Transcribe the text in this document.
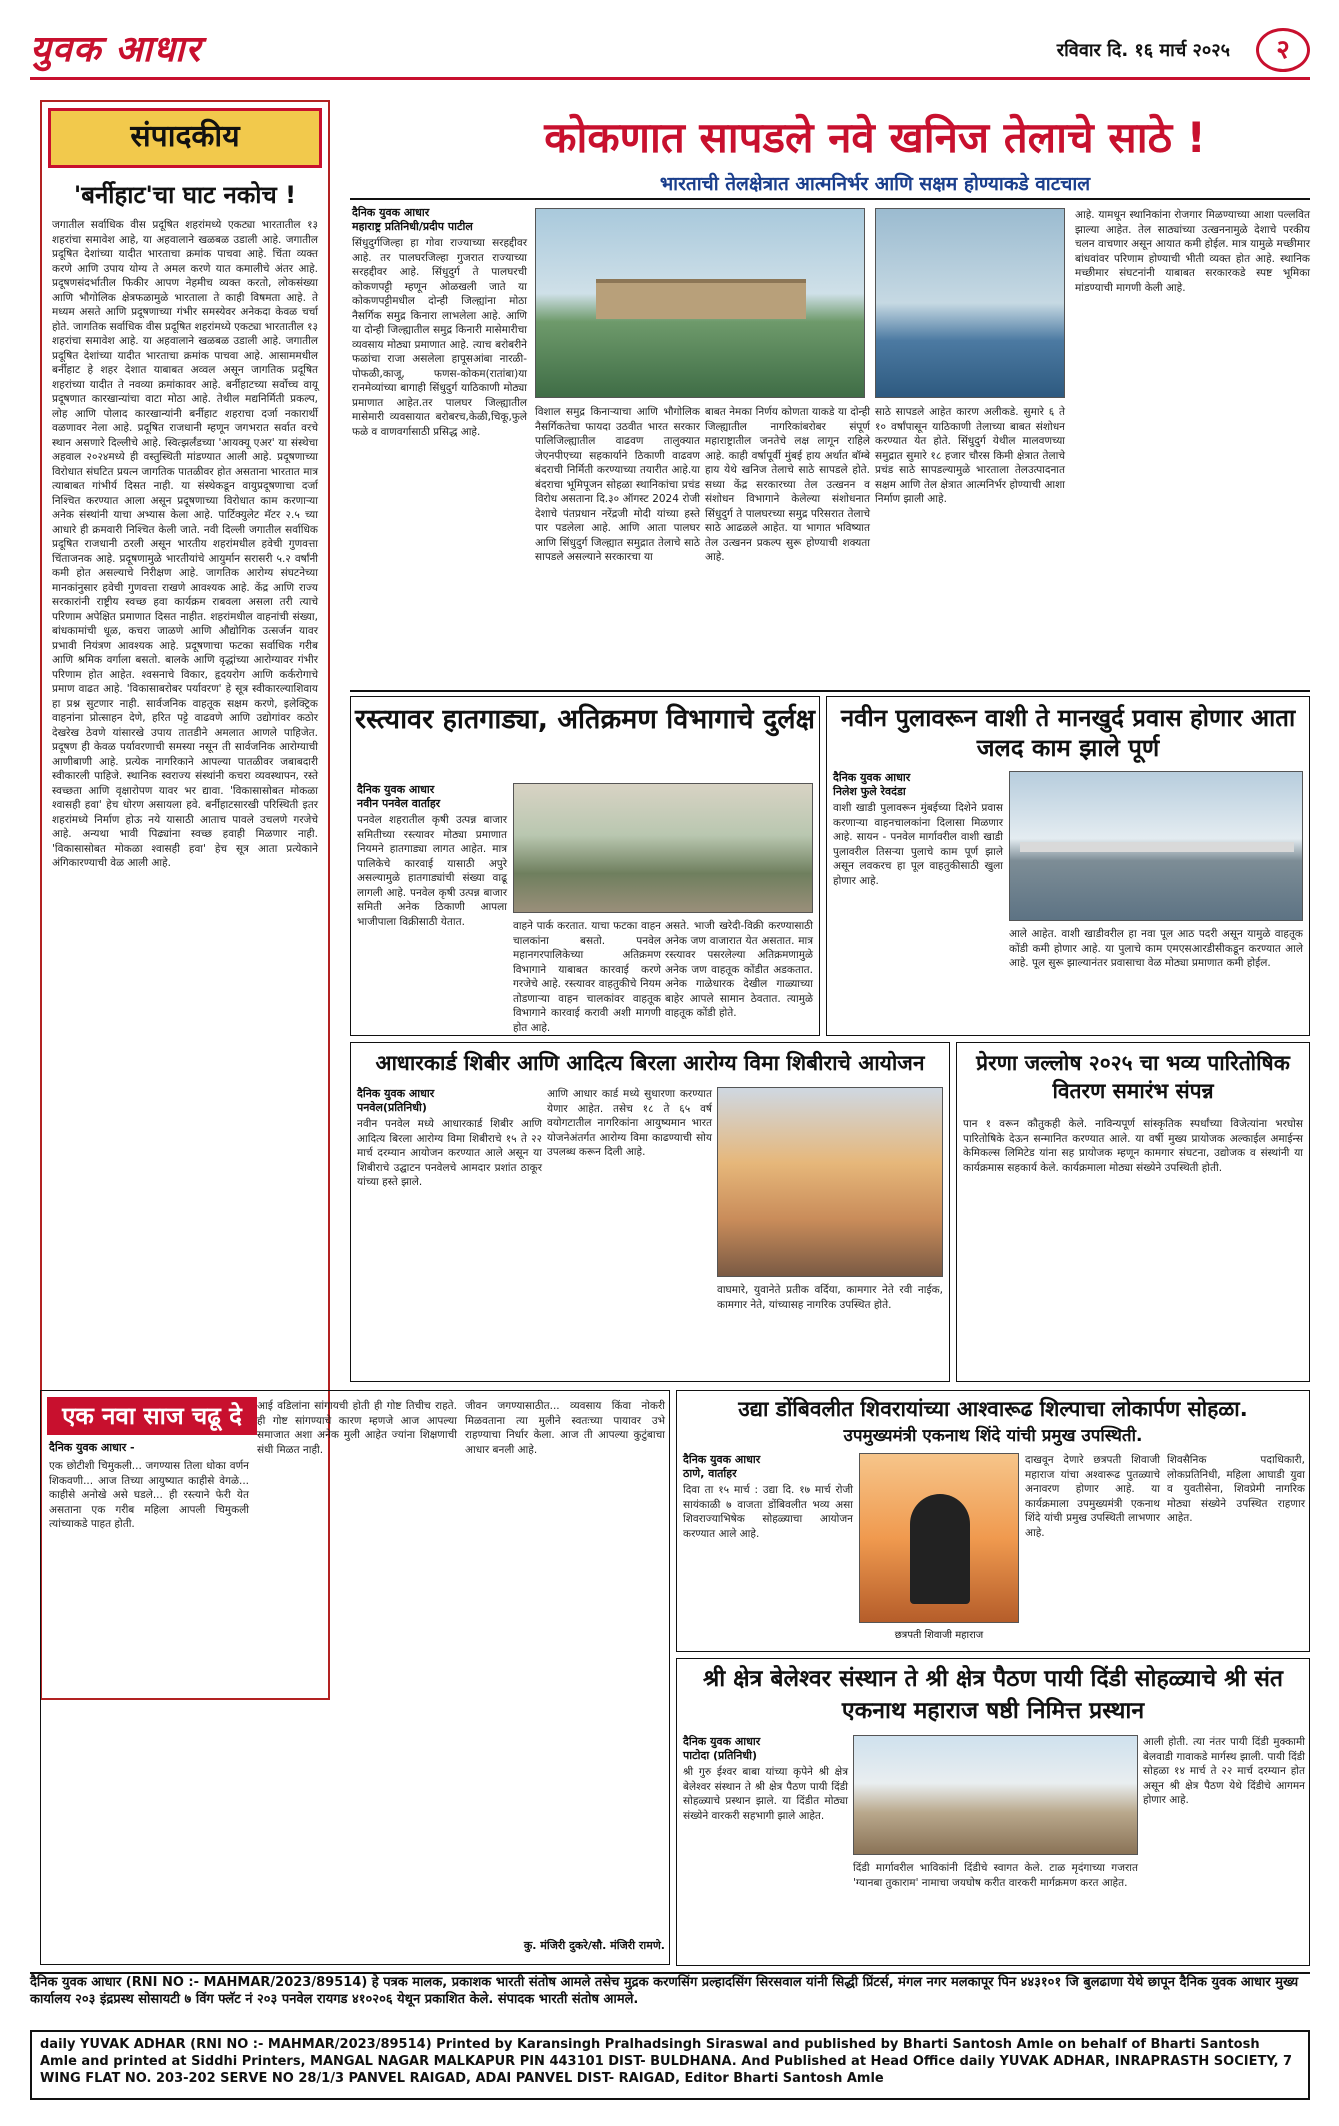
युवक आधार	रविवार दि. १६ मार्च २०२५	२
संपादकीय
'बर्नीहाट'चा घाट नकोच !
जगातील सर्वाधिक वीस प्रदूषित शहरांमध्ये एकट्या भारतातील १३ शहरांचा समावेश आहे, या अहवालाने खळबळ उडाली आहे. जगातील प्रदूषित देशांच्या यादीत भारताचा क्रमांक पाचवा आहे. चिंता व्यक्त करणे आणि उपाय योग्य ते अमल करणे यात कमालीचे अंतर आहे. प्रदूषणसंदर्भातील फिकीर आपण नेहमीच व्यक्त करतो, लोकसंख्या आणि भौगोलिक क्षेत्रफळामुळे भारताला ते काही विषमता आहे. ते मध्यम असते आणि प्रदूषणाच्या गंभीर समस्येवर अनेकदा केवळ चर्चा होते. जागतिक सर्वाधिक वीस प्रदूषित शहरांमध्ये एकट्या भारतातील १३ शहरांचा समावेश आहे. या अहवालाने खळबळ उडाली आहे. जगातील प्रदूषित देशांच्या यादीत भारताचा क्रमांक पाचवा आहे. आसाममधील बर्नीहाट हे शहर देशात याबाबत अव्वल असून जागतिक प्रदूषित शहरांच्या यादीत ते नवव्या क्रमांकावर आहे. बर्नीहाटच्या सर्वोच्च वायू प्रदूषणात कारखान्यांचा वाटा मोठा आहे. तेथील मद्यनिर्मिती प्रकल्प, लोह आणि पोलाद कारखान्यांनी बर्नीहाट शहराचा दर्जा नकारार्थी वळणावर नेला आहे. प्रदूषित राजधानी म्हणून जगभरात सर्वात वरचे स्थान असणारे दिल्लीचे आहे. स्वित्झर्लंडच्या 'आयक्यू एअर' या संस्थेचा अहवाल २०२४मध्ये ही वस्तुस्थिती मांडण्यात आली आहे. प्रदूषणाच्या विरोधात संघटित प्रयत्न जागतिक पातळीवर होत असताना भारतात मात्र त्याबाबत गांभीर्य दिसत नाही. या संस्थेकडून वायुप्रदूषणाचा दर्जा निश्चित करण्यात आला असून प्रदूषणाच्या विरोधात काम करणाऱ्या अनेक संस्थांनी याचा अभ्यास केला आहे. पार्टिक्युलेट मॅटर २.५ च्या आधारे ही क्रमवारी निश्चित केली जाते. नवी दिल्ली जगातील सर्वाधिक प्रदूषित राजधानी ठरली असून भारतीय शहरांमधील हवेची गुणवत्ता चिंताजनक आहे. प्रदूषणामुळे भारतीयांचे आयुर्मान सरासरी ५.२ वर्षांनी कमी होत असल्याचे निरीक्षण आहे. जागतिक आरोग्य संघटनेच्या मानकांनुसार हवेची गुणवत्ता राखणे आवश्यक आहे. केंद्र आणि राज्य सरकारांनी राष्ट्रीय स्वच्छ हवा कार्यक्रम राबवला असला तरी त्याचे परिणाम अपेक्षित प्रमाणात दिसत नाहीत. शहरांमधील वाहनांची संख्या, बांधकामांची धूळ, कचरा जाळणे आणि औद्योगिक उत्सर्जन यावर प्रभावी नियंत्रण आवश्यक आहे. प्रदूषणाचा फटका सर्वाधिक गरीब आणि श्रमिक वर्गाला बसतो. बालके आणि वृद्धांच्या आरोग्यावर गंभीर परिणाम होत आहेत. श्वसनाचे विकार, हृदयरोग आणि कर्करोगाचे प्रमाण वाढत आहे. 'विकासाबरोबर पर्यावरण' हे सूत्र स्वीकारल्याशिवाय हा प्रश्न सुटणार नाही. सार्वजनिक वाहतूक सक्षम करणे, इलेक्ट्रिक वाहनांना प्रोत्साहन देणे, हरित पट्टे वाढवणे आणि उद्योगांवर कठोर देखरेख ठेवणे यांसारखे उपाय तातडीने अमलात आणले पाहिजेत. प्रदूषण ही केवळ पर्यावरणाची समस्या नसून ती सार्वजनिक आरोग्याची आणीबाणी आहे. प्रत्येक नागरिकाने आपल्या पातळीवर जबाबदारी स्वीकारली पाहिजे. स्थानिक स्वराज्य संस्थांनी कचरा व्यवस्थापन, रस्ते स्वच्छता आणि वृक्षारोपण यावर भर द्यावा. 'विकासासोबत मोकळा श्वासही हवा' हेच धोरण असायला हवे. बर्नीहाटसारखी परिस्थिती इतर शहरांमध्ये निर्माण होऊ नये यासाठी आताच पावले उचलणे गरजेचे आहे. अन्यथा भावी पिढ्यांना स्वच्छ हवाही मिळणार नाही. 'विकासासोबत मोकळा श्वासही हवा' हेच सूत्र आता प्रत्येकाने अंगिकारण्याची वेळ आली आहे.
कोकणात सापडले नवे खनिज तेलाचे साठे !
भारताची तेलक्षेत्रात आत्मनिर्भर आणि सक्षम होण्याकडे वाटचाल
दैनिक युवक आधार
महाराष्ट्र प्रतिनिधी/प्रदीप पाटील
सिंधुदुर्गजिल्हा हा गोवा राज्याच्या सरहद्दीवर आहे. तर पालघरजिल्हा गुजरात राज्याच्या सरहद्दीवर आहे. सिंधुदुर्ग ते पालघरची कोकणपट्टी म्हणून ओळखली जाते या कोकणपट्टीमधील दोन्ही जिल्ह्यांना मोठा नैसर्गिक समुद्र किनारा लाभलेला आहे. आणि या दोन्ही जिल्ह्यातील समुद्र किनारी मासेमारीचा व्यवसाय मोठ्या प्रमाणात आहे. त्याच बरोबरीने फळांचा राजा असलेला हापूसआंबा नारळी-पोफळी,काजू, फणस-कोकम(रातांबा)या रानमेव्यांच्या बागाही सिंधुदुर्ग याठिकाणी मोठ्या प्रमाणात आहेत.तर पालघर जिल्ह्यातील मासेमारी व्यवसायात बरोबरच,केळी,चिकू,फुले फळे व वाणवर्गासाठी प्रसिद्ध आहे.
विशाल समुद्र किनाऱ्याचा आणि भौगोलिक नैसर्गिकतेचा फायदा उठवीत भारत सरकार पालिजिल्ह्यातील वाढवण तालुक्यात जेएनपीएच्या सहकार्याने ठिकाणी वाढवण बंदराची निर्मिती करण्याच्या तयारीत आहे.या बंदराचा भूमिपूजन सोहळा स्थानिकांचा प्रचंड विरोध असताना दि.३० ऑगस्ट 2024 रोजी देशाचे पंतप्रधान नरेंद्रजी मोदी यांच्या हस्ते पार पडलेला आहे. आणि आता पालघर आणि सिंधुदुर्ग जिल्ह्यात समुद्रात तेलाचे साठे सापडले असल्याने सरकारचा या
बाबत नेमका निर्णय कोणता याकडे या दोन्ही जिल्ह्यातील नागरिकांबरोबर संपूर्ण महाराष्ट्रातील जनतेचे लक्ष लागून राहिले आहे. काही वर्षापूर्वी मुंबई हाय अर्थात बॉम्बे हाय येथे खनिज तेलाचे साठे सापडले होते. सध्या केंद्र सरकारच्या तेल उत्खनन व संशोधन विभागाने केलेल्या संशोधनात सिंधुदुर्ग ते पालघरच्या समुद्र परिसरात तेलाचे साठे आढळले आहेत. या भागात भविष्यात तेल उत्खनन प्रकल्प सुरू होण्याची शक्यता आहे.
साठे सापडले आहेत कारण अलीकडे. सुमारे ६ ते १० वर्षांपासून याठिकाणी तेलाच्या बाबत संशोधन करण्यात येत होते. सिंधुदुर्ग येथील मालवणच्या समुद्रात सुमारे १८ हजार चौरस किमी क्षेत्रात तेलाचे प्रचंड साठे सापडल्यामुळे भारताला तेलउत्पादनात सक्षम आणि तेल क्षेत्रात आत्मनिर्भर होण्याची आशा निर्माण झाली आहे.
आहे. यामधून स्थानिकांना रोजगार मिळण्याच्या आशा पल्लवित झाल्या आहेत. तेल साठ्यांच्या उत्खननामुळे देशाचे परकीय चलन वाचणार असून आयात कमी होईल. मात्र यामुळे मच्छीमार बांधवांवर परिणाम होण्याची भीती व्यक्त होत आहे. स्थानिक मच्छीमार संघटनांनी याबाबत सरकारकडे स्पष्ट भूमिका मांडण्याची मागणी केली आहे.
रस्त्यावर हातगाड्या, अतिक्रमण विभागाचे दुर्लक्ष
दैनिक युवक आधार
नवीन पनवेल वार्ताहर
पनवेल शहरातील कृषी उत्पन्न बाजार समितीच्या रस्त्यावर मोठ्या प्रमाणात नियमने हातगाड्या लागत आहेत. मात्र पालिकेचे कारवाई यासाठी अपुरे असल्यामुळे हातगाड्यांची संख्या वाढू लागली आहे. पनवेल कृषी उत्पन्न बाजार समिती अनेक ठिकाणी आपला भाजीपाला विक्रीसाठी येतात.	वाहने पार्क करतात. याचा फटका वाहन चालकांना बसतो. पनवेल महानगरपालिकेच्या अतिक्रमण विभागाने याबाबत कारवाई करणे गरजेचे आहे. रस्त्यावर वाहतुकीचे नियम तोडणाऱ्या वाहन चालकांवर वाहतूक विभागाने कारवाई करावी अशी मागणी होत आहे.
असते. भाजी खरेदी-विक्री करण्यासाठी अनेक जण वाजारात येत असतात. मात्र रस्त्यावर पसरलेल्या अतिक्रमणामुळे अनेक जण वाहतूक कोंडीत अडकतात. अनेक गाळेधारक देखील गाळ्याच्या बाहेर आपले सामान ठेवतात. त्यामुळे वाहतूक कोंडी होते.
नवीन पुलावरून वाशी ते मानखुर्द प्रवास होणार आता जलद काम झाले पूर्ण
दैनिक युवक आधार
निलेश फुले रेवदंडा
वाशी खाडी पुलावरून मुंबईच्या दिशेने प्रवास करणाऱ्या वाहनचालकांना दिलासा मिळणार आहे. सायन - पनवेल मार्गावरील वाशी खाडी पुलावरील तिसऱ्या पुलाचे काम पूर्ण झाले असून लवकरच हा पूल वाहतुकीसाठी खुला होणार आहे.
आले आहेत. वाशी खाडीवरील हा नवा पूल आठ पदरी असून यामुळे वाहतूक कोंडी कमी होणार आहे. या पुलाचे काम एमएसआरडीसीकडून करण्यात आले आहे. पूल सुरू झाल्यानंतर प्रवासाचा वेळ मोठ्या प्रमाणात कमी होईल.
आधारकार्ड शिबीर आणि आदित्य बिरला आरोग्य विमा शिबीराचे आयोजन
दैनिक युवक आधार
पनवेल(प्रतिनिधी)
नवीन पनवेल मध्ये आधारकार्ड शिबीर आणि आदित्य बिरला आरोग्य विमा शिबीराचे १५ ते २२ मार्च दरम्यान आयोजन करण्यात आले असून या शिबीराचे उद्घाटन पनवेलचे आमदार प्रशांत ठाकूर यांच्या हस्ते झाले.
आणि आधार कार्ड मध्ये सुधारणा करण्यात येणार आहेत. तसेच १८ ते ६५ वर्ष वयोगटातील नागरिकांना आयुष्यमान भारत योजनेअंतर्गत आरोग्य विमा काढण्याची सोय उपलब्ध करून दिली आहे.
वाघमारे, युवानेते प्रतीक वर्दिया, कामगार नेते रवी नाईक, कामगार नेते, यांच्यासह नागरिक उपस्थित होते.
प्रेरणा जल्लोष २०२५ चा भव्य पारितोषिक वितरण समारंभ संपन्न
पान १ वरून कौतुकही केले. नाविन्यपूर्ण सांस्कृतिक स्पर्धांच्या विजेत्यांना भरघोस पारितोषिके देऊन सन्मानित करण्यात आले. या वर्षी मुख्य प्रायोजक अल्काईल अमाईन्स केमिकल्स लिमिटेड यांना सह प्रायोजक म्हणून कामगार संघटना, उद्योजक व संस्थांनी या कार्यक्रमास सहकार्य केले. कार्यक्रमाला मोठ्या संख्येने उपस्थिती होती.
एक नवा साज चढू दे
दैनिक युवक आधार -
एक छोटीशी चिमुकली... जगण्यास तिला धोका वर्णन शिकवणी... आज तिच्या आयुष्यात काहीसे वेगळे... काहीसे अनोखे असे घडले... ही रस्त्याने फेरी येत असताना एक गरीब महिला आपली चिमुकली त्यांच्याकडे पाहत होती.
आई वडिलांना सांगायची होती ही गोष्ट तिचीच राहते. ही गोष्ट सांगण्याचे कारण म्हणजे आज आपल्या समाजात अशा अनेक मुली आहेत ज्यांना शिक्षणाची संधी मिळत नाही.
जीवन जगण्यासाठीत... व्यवसाय किंवा नोकरी मिळवताना त्या मुलीने स्वतःच्या पायावर उभे राहण्याचा निर्धार केला. आज ती आपल्या कुटुंबाचा आधार बनली आहे.
कु. मंजिरी दुकरे/सौ. मंजिरी रामणे.
उद्या डोंबिवलीत शिवरायांच्या आश्वारूढ शिल्पाचा लोकार्पण सोहळा.
उपमुख्यमंत्री एकनाथ शिंदे यांची प्रमुख उपस्थिती.
दैनिक युवक आधार
ठाणे, वार्ताहर
दिवा ता १५ मार्च : उद्या दि. १७ मार्च रोजी सायंकाळी ७ वाजता डोंबिवलीत भव्य असा शिवराज्याभिषेक सोहळ्याचा आयोजन करण्यात आले आहे.
छत्रपती शिवाजी महाराज
दाखवून देणारे छत्रपती शिवाजी महाराज यांचा अश्वारूढ पुतळ्याचे अनावरण होणार आहे. या कार्यक्रमाला उपमुख्यमंत्री एकनाथ शिंदे यांची प्रमुख उपस्थिती लाभणार आहे.
शिवसैनिक पदाधिकारी, लोकप्रतिनिधी, महिला आघाडी युवा व युवतीसेना, शिवप्रेमी नागरिक मोठ्या संख्येने उपस्थित राहणार आहेत.
श्री क्षेत्र बेलेश्वर संस्थान ते श्री क्षेत्र पैठण पायी दिंडी सोहळ्याचे श्री संत एकनाथ महाराज षष्ठी निमित्त प्रस्थान
दैनिक युवक आधार
पाटोदा (प्रतिनिधी)
श्री गुरु ईश्वर बाबा यांच्या कृपेने श्री क्षेत्र बेलेश्वर संस्थान ते श्री क्षेत्र पैठण पायी दिंडी सोहळ्याचे प्रस्थान झाले. या दिंडीत मोठ्या संख्येने वारकरी सहभागी झाले आहेत.
दिंडी मार्गावरील भाविकांनी दिंडीचे स्वागत केले. टाळ मृदंगाच्या गजरात 'ग्यानबा तुकाराम' नामाचा जयघोष करीत वारकरी मार्गक्रमण करत आहेत.
आली होती. त्या नंतर पायी दिंडी मुक्कामी बेलवाडी गावाकडे मार्गस्थ झाली. पायी दिंडी सोहळा १४ मार्च ते २२ मार्च दरम्यान होत असून श्री क्षेत्र पैठण येथे दिंडीचे आगमन होणार आहे.
दैनिक युवक आधार (RNI NO :- MAHMAR/2023/89514) हे पत्रक मालक, प्रकाशक भारती संतोष आमले तसेच मुद्रक करणसिंग प्रल्हादसिंग सिरसवाल यांनी सिद्धी प्रिंटर्स, मंगल नगर मलकापूर पिन ४४३१०१ जि बुलढाणा येथे छापून दैनिक युवक आधार मुख्य कार्यालय २०३ इंद्रप्रस्थ सोसायटी ७ विंग फ्लॅट नं २०३ पनवेल रायगड ४१०२०६ येथून प्रकाशित केले. संपादक भारती संतोष आमले.
daily YUVAK ADHAR (RNI NO :- MAHMAR/2023/89514) Printed by Karansingh Pralhadsingh Siraswal and published by Bharti Santosh Amle on behalf of Bharti Santosh Amle and printed at Siddhi Printers, MANGAL NAGAR MALKAPUR PIN 443101 DIST- BULDHANA. And Published at Head Office daily YUVAK ADHAR, INRAPRASTH SOCIETY, 7 WING FLAT NO. 203-202 SERVE NO 28/1/3 PANVEL RAIGAD, ADAI PANVEL DIST- RAIGAD, Editor Bharti Santosh Amle
